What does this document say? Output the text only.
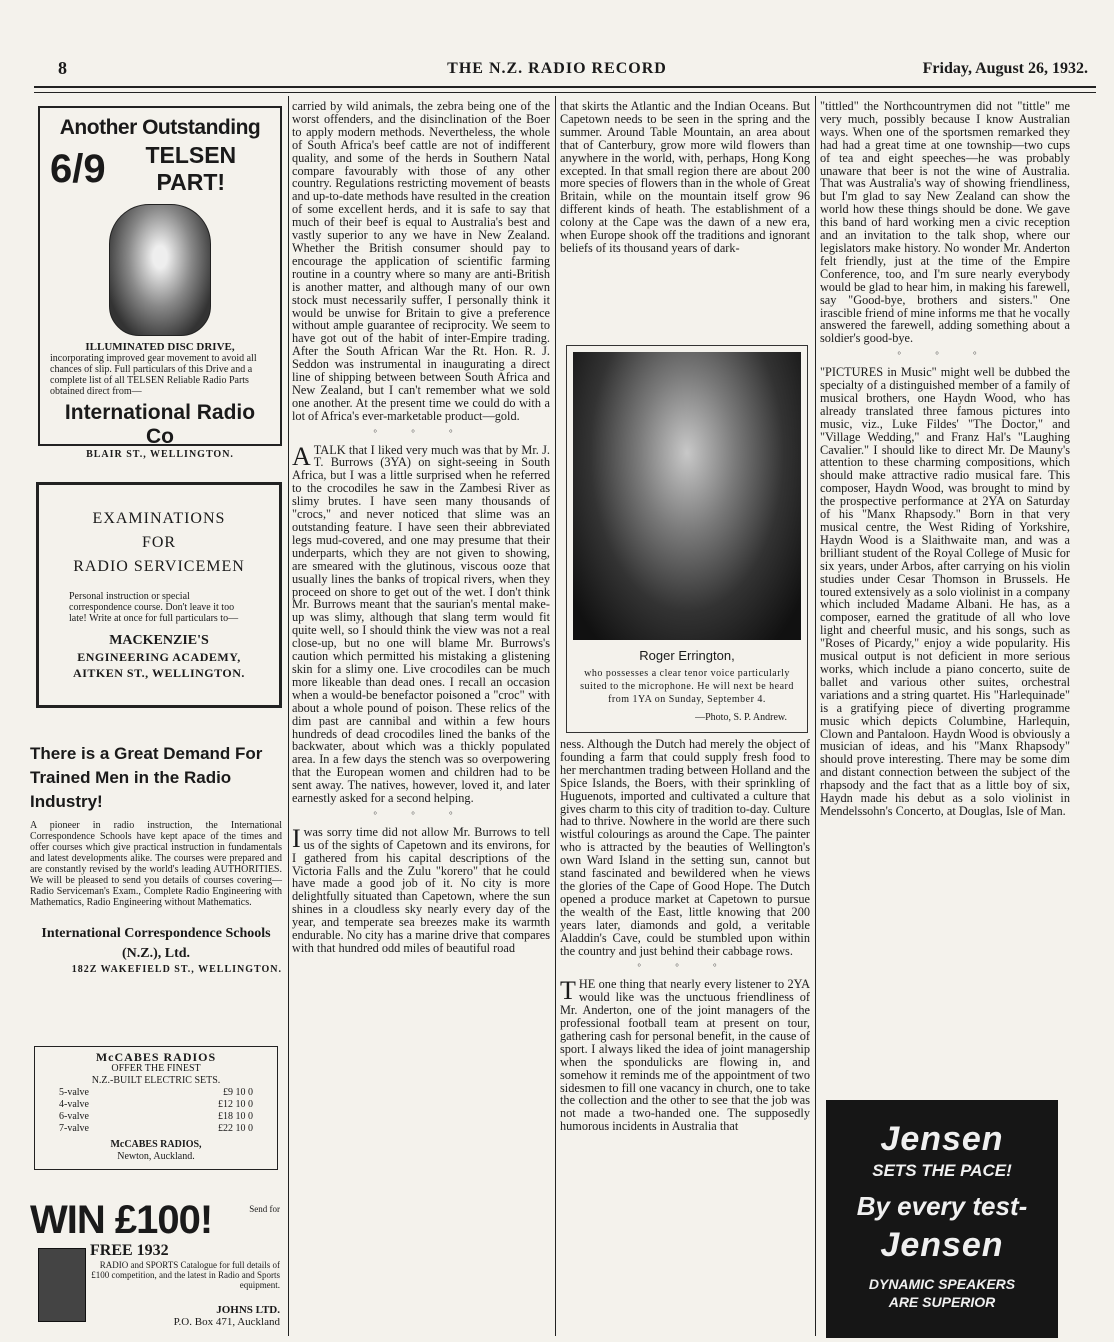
8	THE N.Z. RADIO RECORD	Friday, August 26, 1932.
Another Outstanding
6/9	TELSEN PART!
ILLUMINATED DISC DRIVE,
incorporating improved gear movement to avoid all chances of slip. Full particulars of this Drive and a complete list of all TELSEN Reliable Radio Parts obtained direct from—
International Radio Co
BLAIR ST., WELLINGTON.
EXAMINATIONS
FOR
RADIO SERVICEMEN
Personal instruction or special correspondence course. Don't leave it too late! Write at once for full particulars to—
MACKENZIE'S
ENGINEERING ACADEMY,
AITKEN ST., WELLINGTON.
There is a Great Demand For Trained Men in the Radio Industry!
A pioneer in radio instruction, the International Correspondence Schools have kept apace of the times and offer courses which give practical instruction in fundamentals and latest developments alike. The courses were prepared and are constantly revised by the world's leading AUTHORITIES. We will be pleased to send you details of courses covering—Radio Serviceman's Exam., Complete Radio Engineering with Mathematics, Radio Engineering without Mathematics.
International Correspondence Schools (N.Z.), Ltd.
182Z WAKEFIELD ST., WELLINGTON.
McCABES RADIOS
OFFER THE FINEST
N.Z.-BUILT ELECTRIC SETS.
5-valve	£9 10 0
4-valve	£12 10 0
6-valve	£18 10 0
7-valve	£22 10 0
McCABES RADIOS,
Newton, Auckland.
WIN £100!	Send for
FREE 1932
RADIO and SPORTS Catalogue for full details of £100 competition, and the latest in Radio and Sports equipment.
JOHNS LTD.
P.O. Box 471, Auckland

carried by wild animals, the zebra being one of the worst offenders, and the disinclination of the Boer to apply modern methods. Nevertheless, the whole of South Africa's beef cattle are not of indifferent quality, and some of the herds in Southern Natal compare favourably with those of any other country. Regulations restricting movement of beasts and up-to-date methods have resulted in the creation of some excellent herds, and it is safe to say that much of their beef is equal to Australia's best and vastly superior to any we have in New Zealand. Whether the British consumer should pay to encourage the application of scientific farming routine in a country where so many are anti-British is another matter, and although many of our own stock must necessarily suffer, I personally think it would be unwise for Britain to give a preference without ample guarantee of reciprocity. We seem to have got out of the habit of inter-Empire trading. After the South African War the Rt. Hon. R. J. Seddon was instrumental in inaugurating a direct line of shipping between between South Africa and New Zealand, but I can't remember what we sold one another. At the present time we could do with a lot of Africa's ever-marketable product—gold.

° ° °

ATALK that I liked very much was that by Mr. J. T. Burrows (3YA) on sight-seeing in South Africa, but I was a little surprised when he referred to the crocodiles he saw in the Zambesi River as slimy brutes. I have seen many thousands of "crocs," and never noticed that slime was an outstanding feature. I have seen their abbreviated legs mud-covered, and one may presume that their underparts, which they are not given to showing, are smeared with the glutinous, viscous ooze that usually lines the banks of tropical rivers, when they proceed on shore to get out of the wet. I don't think Mr. Burrows meant that the saurian's mental make-up was slimy, although that slang term would fit quite well, so I should think the view was not a real close-up, but no one will blame Mr. Burrows's caution which permitted his mistaking a glistening skin for a slimy one. Live crocodiles can be much more likeable than dead ones. I recall an occasion when a would-be benefactor poisoned a "croc" with about a whole pound of poison. These relics of the dim past are cannibal and within a few hours hundreds of dead crocodiles lined the banks of the backwater, about which was a thickly populated area. In a few days the stench was so overpowering that the European women and children had to be sent away. The natives, however, loved it, and later earnestly asked for a second helping.

° ° °

Iwas sorry time did not allow Mr. Burrows to tell us of the sights of Capetown and its environs, for I gathered from his capital descriptions of the Victoria Falls and the Zulu "korero" that he could have made a good job of it. No city is more delightfully situated than Capetown, where the sun shines in a cloudless sky nearly every day of the year, and temperate sea breezes make its warmth endurable. No city has a marine drive that compares with that hundred odd miles of beautiful road

that skirts the Atlantic and the Indian Oceans. But Capetown needs to be seen in the spring and the summer. Around Table Mountain, an area about that of Canterbury, grow more wild flowers than anywhere in the world, with, perhaps, Hong Kong excepted. In that small region there are about 200 more species of flowers than in the whole of Great Britain, while on the mountain itself grow 96 different kinds of heath. The establishment of a colony at the Cape was the dawn of a new era, when Europe shook off the traditions and ignorant beliefs of its thousand years of dark-

Roger Errington,
who possesses a clear tenor voice particularly suited to the microphone. He will next be heard from 1YA on Sunday, September 4.
—Photo, S. P. Andrew.

ness. Although the Dutch had merely the object of founding a farm that could supply fresh food to her merchantmen trading between Holland and the Spice Islands, the Boers, with their sprinkling of Huguenots, imported and cultivated a culture that gives charm to this city of tradition to-day. Culture had to thrive. Nowhere in the world are there such wistful colourings as around the Cape. The painter who is attracted by the beauties of Wellington's own Ward Island in the setting sun, cannot but stand fascinated and bewildered when he views the glories of the Cape of Good Hope. The Dutch opened a produce market at Capetown to pursue the wealth of the East, little knowing that 200 years later, diamonds and gold, a veritable Aladdin's Cave, could be stumbled upon within the country and just behind their cabbage rows.

° ° °

THE one thing that nearly every listener to 2YA would like was the unctuous friendliness of Mr. Anderton, one of the joint managers of the professional football team at present on tour, gathering cash for personal benefit, in the cause of sport. I always liked the idea of joint managership when the spondulicks are flowing in, and somehow it reminds me of the appointment of two sidesmen to fill one vacancy in church, one to take the collection and the other to see that the job was not made a two-handed one. The supposedly humorous incidents in Australia that

"tittled" the Northcountrymen did not "tittle" me very much, possibly because I know Australian ways. When one of the sportsmen remarked they had had a great time at one township—two cups of tea and eight speeches—he was probably unaware that beer is not the wine of Australia. That was Australia's way of showing friendliness, but I'm glad to say New Zealand can show the world how these things should be done. We gave this band of hard working men a civic reception and an invitation to the talk shop, where our legislators make history. No wonder Mr. Anderton felt friendly, just at the time of the Empire Conference, too, and I'm sure nearly everybody would be glad to hear him, in making his farewell, say "Good-bye, brothers and sisters." One irascible friend of mine informs me that he vocally answered the farewell, adding something about a soldier's good-bye.

° ° °

"PICTURES in Music" might well be dubbed the specialty of a distinguished member of a family of musical brothers, one Haydn Wood, who has already translated three famous pictures into music, viz., Luke Fildes' "The Doctor," and "Village Wedding," and Franz Hal's "Laughing Cavalier." I should like to direct Mr. De Mauny's attention to these charming compositions, which should make attractive radio musical fare. This composer, Haydn Wood, was brought to mind by the prospective performance at 2YA on Saturday of his "Manx Rhapsody." Born in that very musical centre, the West Riding of Yorkshire, Haydn Wood is a Slaithwaite man, and was a brilliant student of the Royal College of Music for six years, under Arbos, after carrying on his violin studies under Cesar Thomson in Brussels. He toured extensively as a solo violinist in a company which included Madame Albani. He has, as a composer, earned the gratitude of all who love light and cheerful music, and his songs, such as "Roses of Picardy," enjoy a wide popularity. His musical output is not deficient in more serious works, which include a piano concerto, suite de ballet and various other suites, orchestral variations and a string quartet. His "Harlequinade" is a gratifying piece of diverting programme music which depicts Columbine, Harlequin, Clown and Pantaloon. Haydn Wood is obviously a musician of ideas, and his "Manx Rhapsody" should prove interesting. There may be some dim and distant connection between the subject of the rhapsody and the fact that as a little boy of six, Haydn made his debut as a solo violinist in Mendelssohn's Concerto, at Douglas, Isle of Man.

Jensen
SETS THE PACE!
By every test-
Jensen
DYNAMIC SPEAKERS
ARE SUPERIOR
